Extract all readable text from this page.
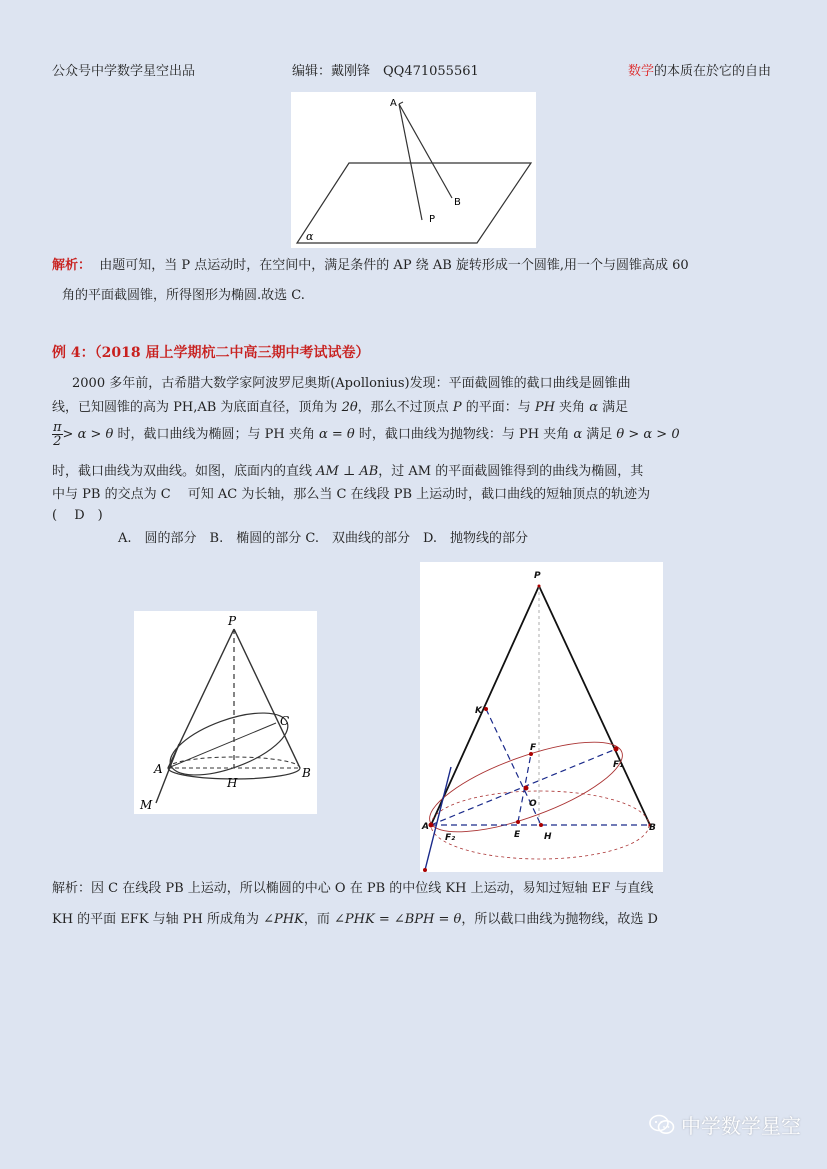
公众号中学数学星空出品	编辑：戴刚锋　QQ471055561	数学的本质在於它的自由
A
B
P
α
解析： 由题可知，当 P 点运动时，在空间中，满足条件的 AP 绕 AB 旋转形成一个圆锥,用一个与圆锥高成 60
角的平面截圆锥，所得图形为椭圆.故选 C.
例 4：（2018 届上学期杭二中高三期中考试试卷）
2000 多年前，古希腊大数学家阿波罗尼奥斯(Apollonius)发现：平面截圆锥的截口曲线是圆锥曲
线，已知圆锥的高为 PH,AB 为底面直径，顶角为 2θ，那么不过顶点 P 的平面：与 PH 夹角 α 满足
$\frac{\pi}{2} > \alpha > \theta$ 时，截口曲线为椭圆；与 PH 夹角 α = θ 时，截口曲线为抛物线：与 PH 夹角 α 满足 θ > α > 0
时，截口曲线为双曲线。如图，底面内的直线 AM ⊥ AB，过 AM 的平面截圆锥得到的曲线为椭圆，其
中与 PB 的交点为 C　 可知 AC 为长轴，那么当 C 在线段 PB 上运动时，截口曲线的短轴顶点的轨迹为
(　 D　)
A.　圆的部分　B.　椭圆的部分 C.　双曲线的部分　D.　抛物线的部分
P
C
A
H
B
M
P
K
F
F₁
O
A
F₂	E	H
B
解析：因 C 在线段 PB 上运动，所以椭圆的中心 O 在 PB 的中位线 KH 上运动，易知过短轴 EF 与直线
KH 的平面 EFK 与轴 PH 所成角为 ∠PHK，而 ∠PHK = ∠BPH = θ，所以截口曲线为抛物线，故选 D
中学数学星空
